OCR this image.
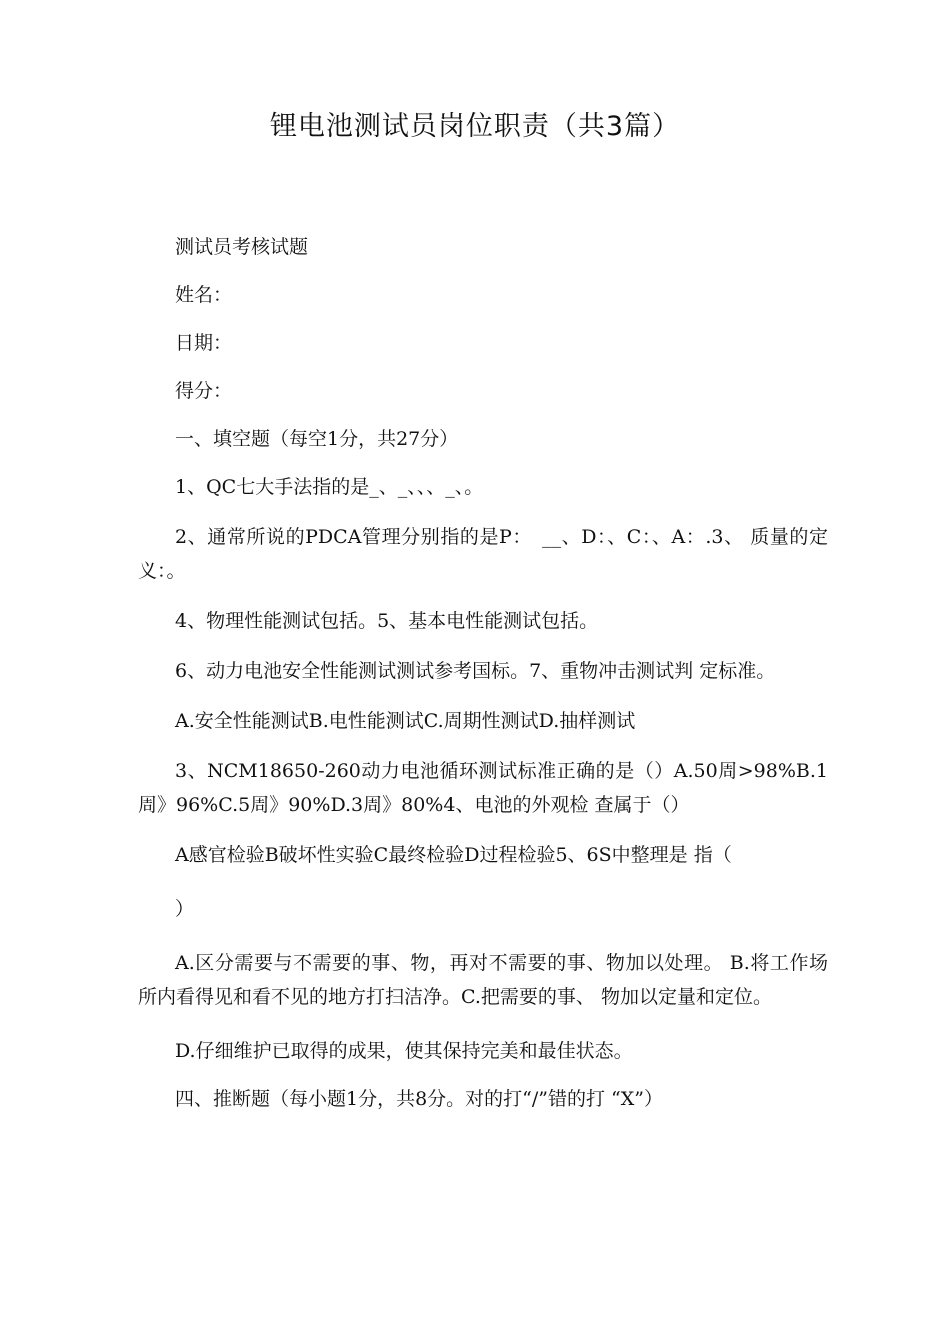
锂电池测试员岗位职责（共3篇）

测试员考核试题

姓名：

日期：

得分：

一、填空题（每空1分，共27分）

1、QC七大手法指的是_、_、、、_、。

2、通常所说的PDCA管理分别指的是P：　__、D：、C：、A：.3、 质量的定义：。

4、物理性能测试包括。5、基本电性能测试包括。

6、动力电池安全性能测试测试参考国标。7、重物冲击测试判 定标准。

A.安全性能测试B.电性能测试C.周期性测试D.抽样测试

3、NCM18650-260动力电池循环测试标准正确的是（）A.50周>98%B.1周》96%C.5周》90%D.3周》80%4、电池的外观检 查属于（）

A感官检验B破坏性实验C最终检验D过程检验5、6S中整理是 指（

）

A.区分需要与不需要的事、物，再对不需要的事、物加以处理。 B.将工作场所内看得见和看不见的地方打扫洁净。C.把需要的事、 物加以定量和定位。

D.仔细维护已取得的成果，使其保持完美和最佳状态。

四、推断题（每小题1分，共8分。对的打“/”错的打 “X”）
